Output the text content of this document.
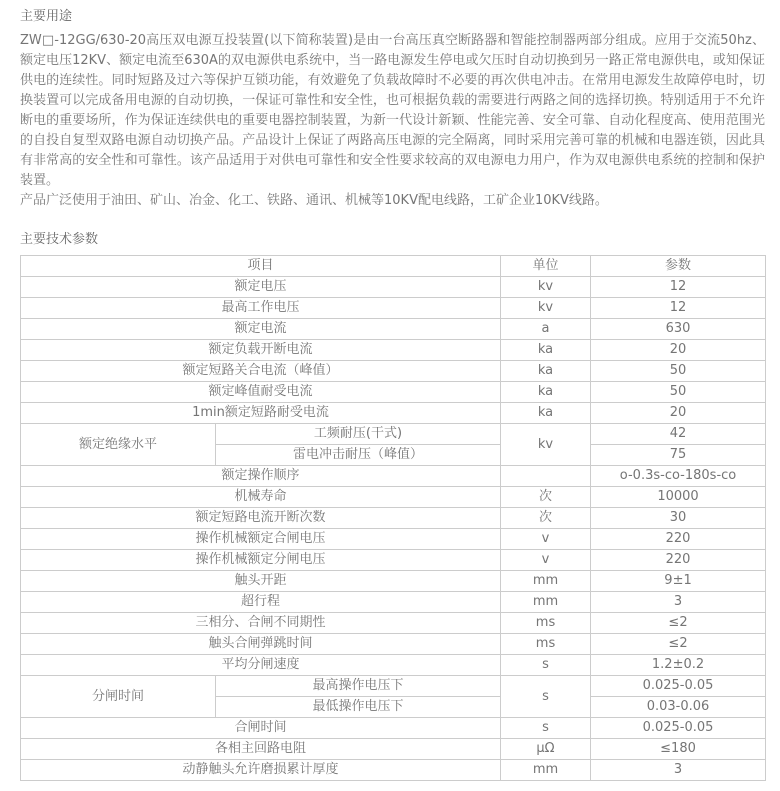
主要用途

ZW□-12GG/630-20高压双电源互投装置(以下简称装置)是由一台高压真空断路器和智能控制器两部分组成。应用于交流50hz、额定电压12KV、额定电流至630A的双电源供电系统中，当一路电源发生停电或欠压时自动切换到另一路正常电源供电，或知保证供电的连续性。同时短路及过六等保护互锁功能，有效避免了负载故障时不必要的再次供电冲击。在常用电源发生故障停电时，切换装置可以完成备用电源的自动切换，一保证可靠性和安全性，也可根据负载的需要进行两路之间的选择切换。特别适用于不允许断电的重要场所，作为保证连续供电的重要电器控制装置，为新一代设计新颖、性能完善、安全可靠、自动化程度高、使用范围光的自投自复型双路电源自动切换产品。产品设计上保证了两路高压电源的完全隔离，同时采用完善可靠的机械和电器连锁，因此具有非常高的安全性和可靠性。该产品适用于对供电可靠性和安全性要求较高的双电源电力用户，作为双电源供电系统的控制和保护装置。

产品广泛使用于油田、矿山、冶金、化工、铁路、通讯、机械等10KV配电线路，工矿企业10KV线路。

主要技术参数
项目		单位	参数
额定电压		kv	12
最高工作电压		kv	12
额定电流		a	630
额定负载开断电流		ka	20
额定短路关合电流（峰值）		ka	50
额定峰值耐受电流		ka	50
1min额定短路耐受电流		ka	20
额定绝缘水平	工频耐压(干式)	kv	42
	雷电冲击耐压（峰值）		75
额定操作顺序			o-0.3s-co-180s-co
机械寿命		次	10000
额定短路电流开断次数		次	30
操作机械额定合闸电压		v	220
操作机械额定分闸电压		v	220
触头开距		mm	9±1
超行程		mm	3
三相分、合闸不同期性		ms	≤2
触头合闸弹跳时间		ms	≤2
平均分闸速度		s	1.2±0.2
分闸时间	最高操作电压下	s	0.025-0.05
	最低操作电压下		0.03-0.06
合闸时间		s	0.025-0.05
各相主回路电阻		μΩ	≤180
动静触头允许磨损累计厚度		mm	3
